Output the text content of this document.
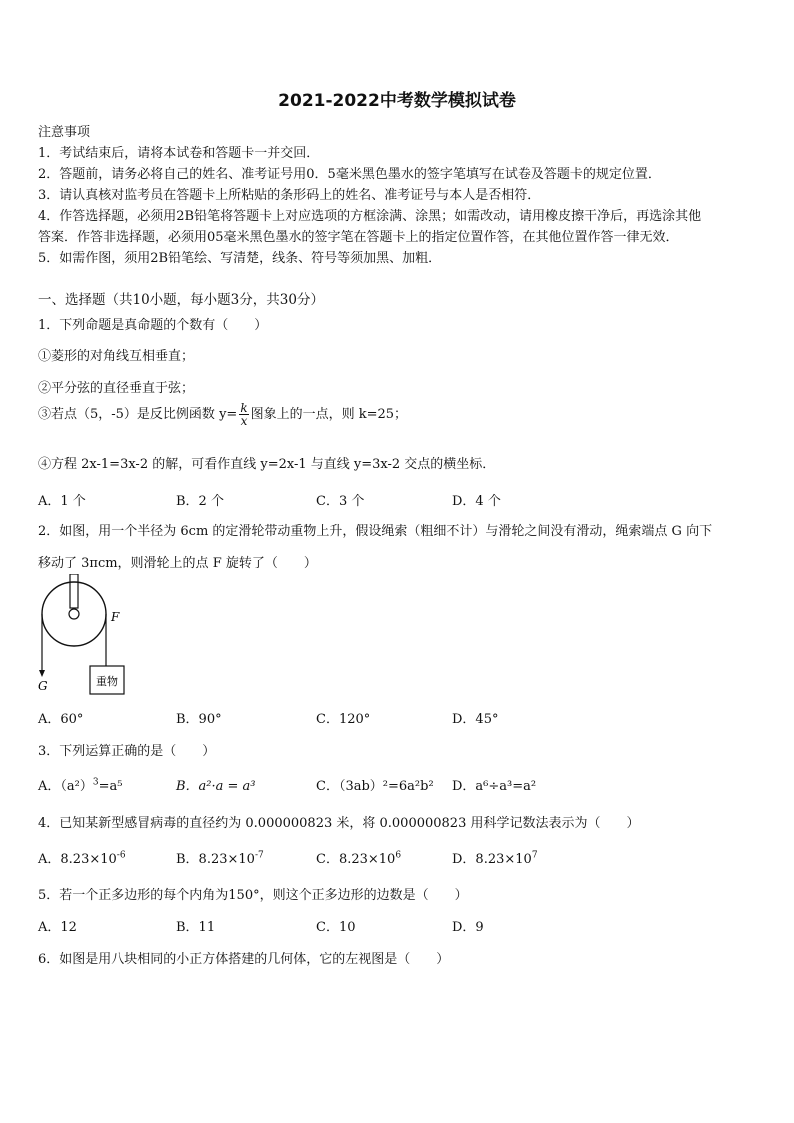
2021-2022中考数学模拟试卷
注意事项
1．考试结束后，请将本试卷和答题卡一并交回．
2．答题前，请务必将自己的姓名、准考证号用0．5毫米黑色墨水的签字笔填写在试卷及答题卡的规定位置．
3．请认真核对监考员在答题卡上所粘贴的条形码上的姓名、准考证号与本人是否相符．
4．作答选择题，必须用2B铅笔将答题卡上对应选项的方框涂满、涂黑；如需改动，请用橡皮擦干净后，再选涂其他
答案．作答非选择题，必须用05毫米黑色墨水的签字笔在答题卡上的指定位置作答，在其他位置作答一律无效．
5．如需作图，须用2B铅笔绘、写清楚，线条、符号等须加黑、加粗．
一、选择题（共10小题，每小题3分，共30分）
1．下列命题是真命题的个数有（　　）
①菱形的对角线互相垂直；
②平分弦的直径垂直于弦；
③若点（5，-5）是反比例函数 $y= \frac{k}{x}$ 图象上的一点，则 k=25；
④方程 2x-1=3x-2 的解，可看作直线 y=2x-1 与直线 y=3x-2 交点的横坐标．
A．1 个	B．2 个	C．3 个	D．4 个
2．如图，用一个半径为 6cm 的定滑轮带动重物上升，假设绳索（粗细不计）与滑轮之间没有滑动，绳索端点 G 向下
移动了 3πcm，则滑轮上的点 F 旋转了（　　）
重物
F
G
A．60°	B．90°	C．120°	D．45°
3．下列运算正确的是（　　）
A．$(a^2)^3=a^5$	B．a²·a = a³	C．（3ab）²=6a²b² D．a⁶÷a³=a²
4．已知某新型感冒病毒的直径约为 0.000000823 米，将 0.000000823 用科学记数法表示为（　　）
A．$8.23\times 10^{-6}$	B．$8.23\times 10^{-7}$	C．$8.23\times 10^6$	D．$8.23\times 10^7$
5．若一个正多边形的每个内角为150°，则这个正多边形的边数是（　　）
A．12	B．11	C．10	D．9
6．如图是用八块相同的小正方体搭建的几何体，它的左视图是（　　）
